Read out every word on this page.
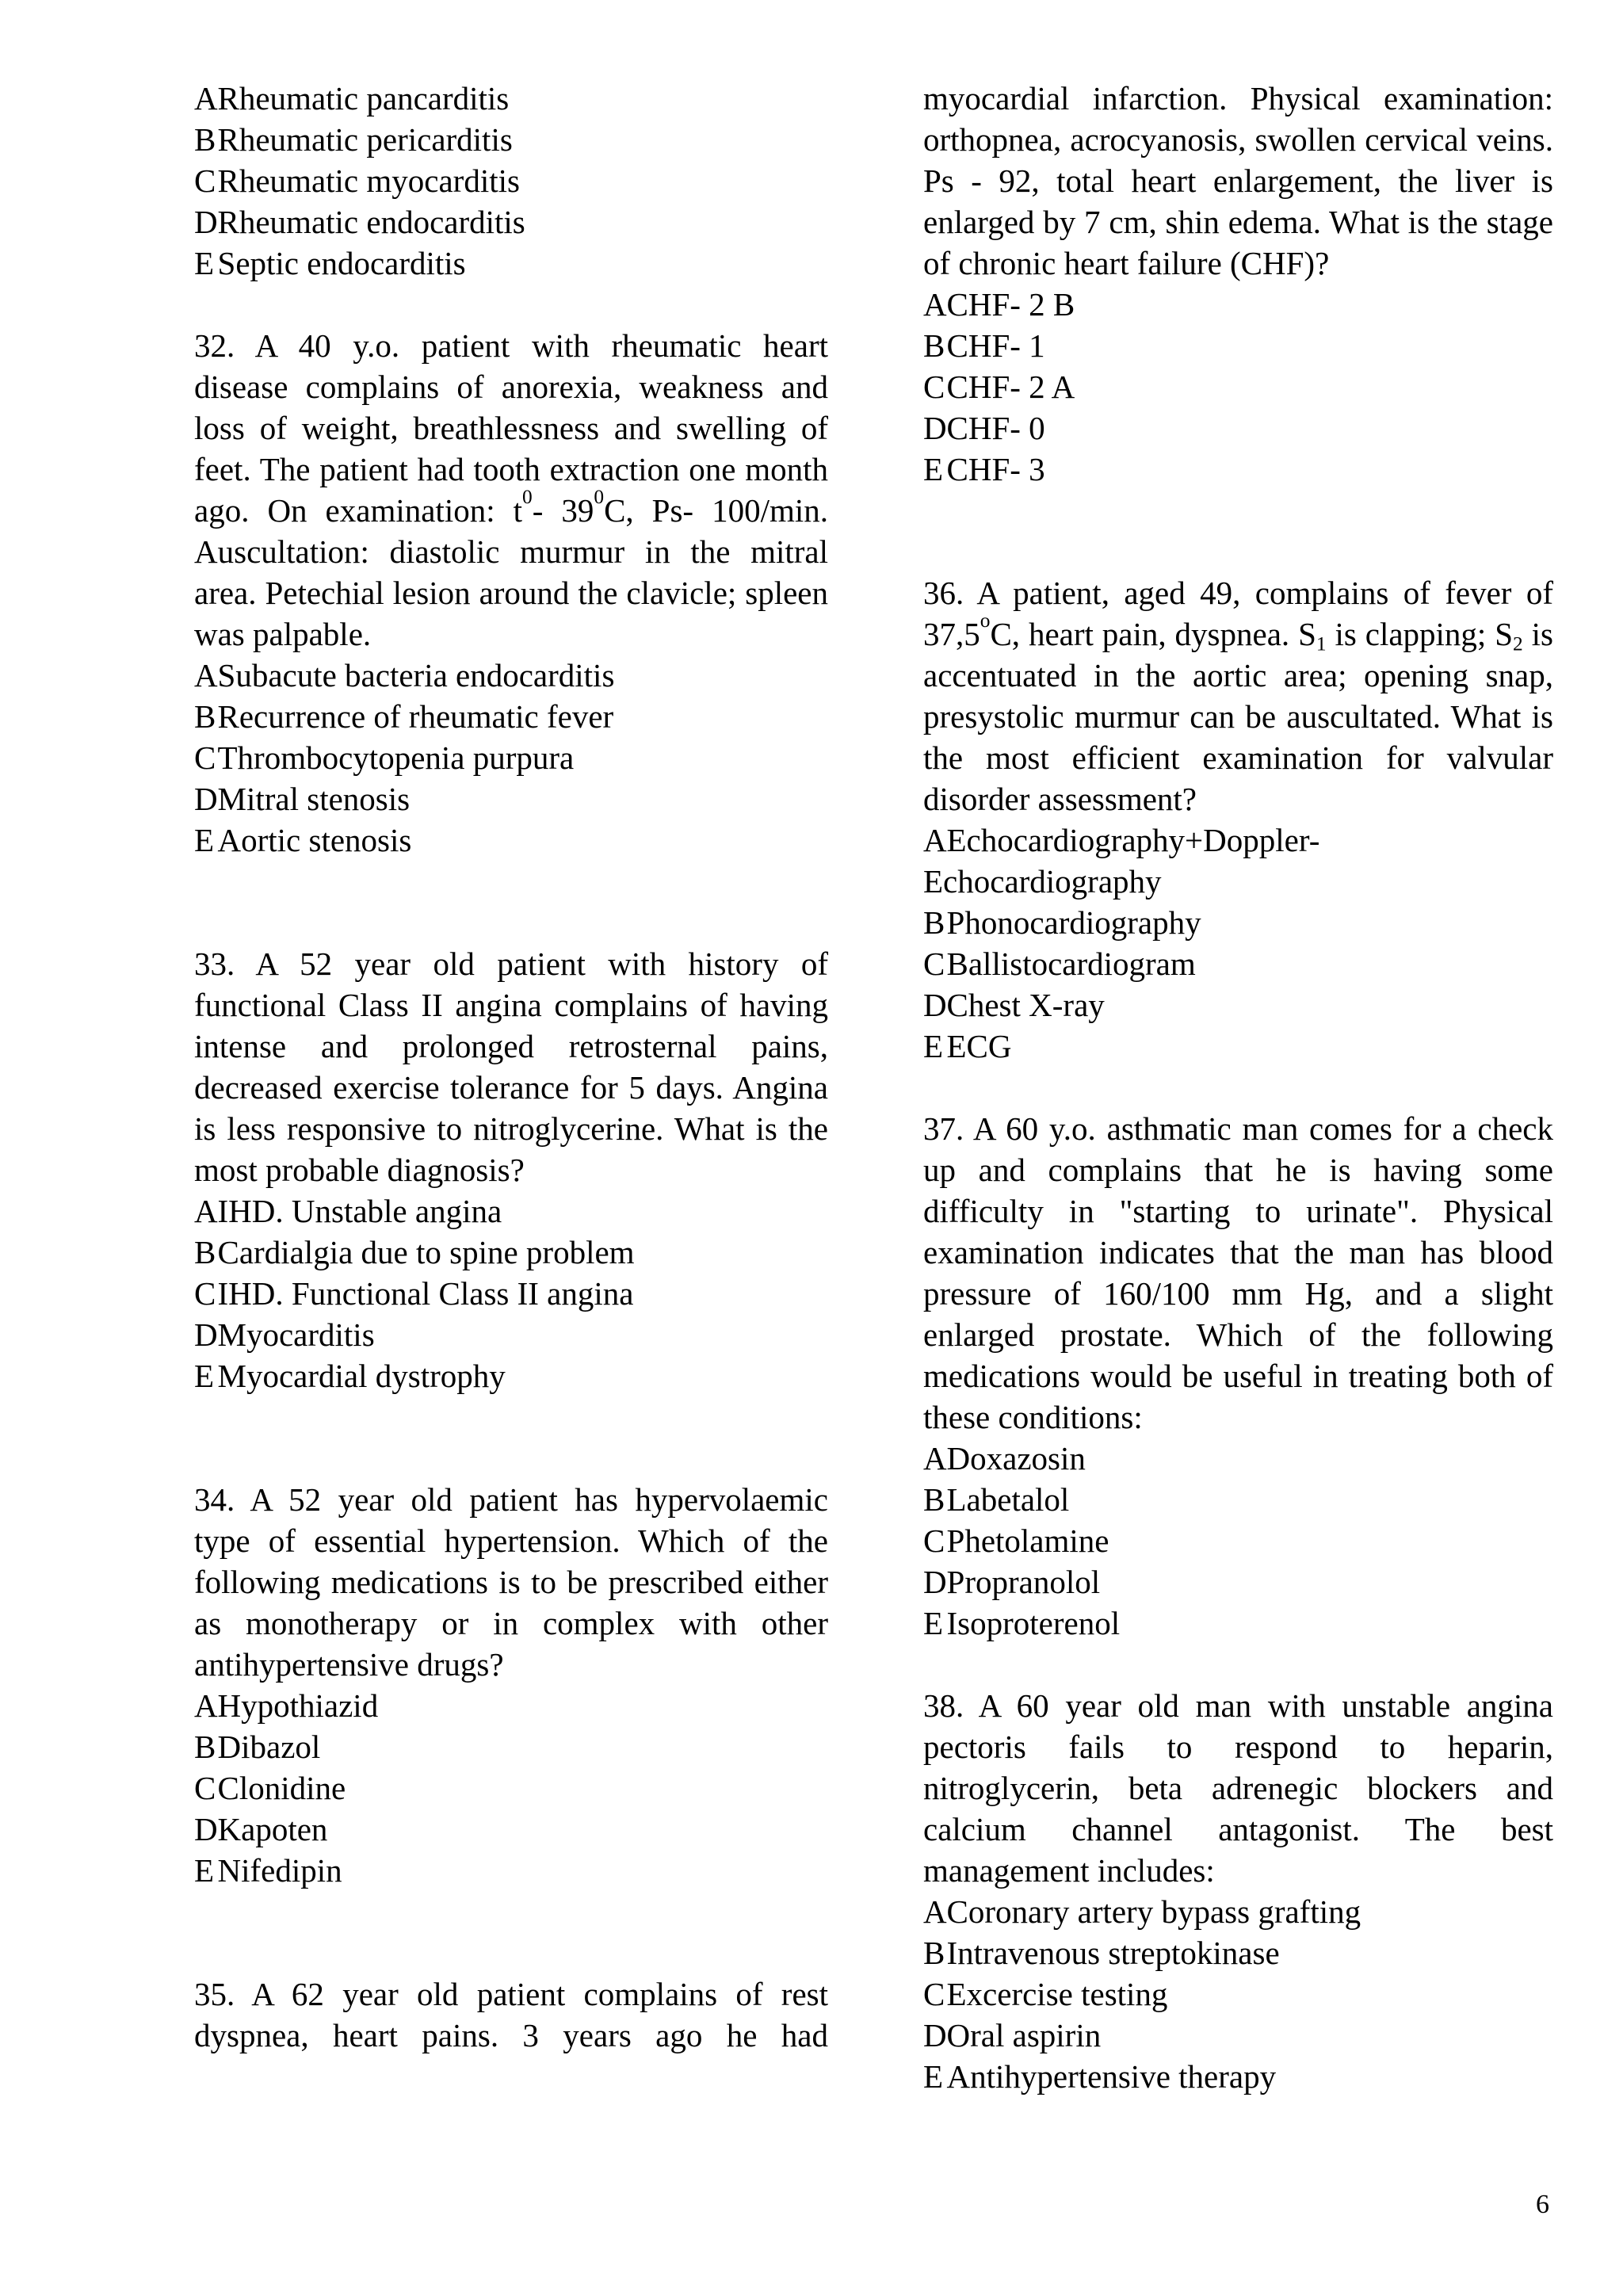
ARheumatic pancarditis
BRheumatic pericarditis
CRheumatic myocarditis
DRheumatic endocarditis
E Septic endocarditis
32. A 40 y.o. patient with rheumatic heart disease complains of anorexia, weakness and loss of weight, breathlessness and swelling of feet. The patient had tooth extraction one month ago. On examination: $t^0-$ $39^0C$, Ps- 100/min. Auscultation: diastolic murmur in the mitral area. Petechial lesion around the clavicle; spleen was palpable.
ASubacute bacteria endocarditis
BRecurrence of rheumatic fever
CThrombocytopenia purpura
DMitral stenosis
E Aortic stenosis
33. A 52 year old patient with history of functional Class II angina complains of having intense and prolonged retrosternal pains, decreased exercise tolerance for 5 days. Angina is less responsive to nitroglycerine. What is the most probable diagnosis?
AIHD. Unstable angina
BCardialgia due to spine problem
CIHD. Functional Class II angina
DMyocarditis
E Myocardial dystrophy
34. A 52 year old patient has hypervolaemic type of essential hypertension. Which of the following medications is to be prescribed either as monotherapy or in complex with other antihypertensive drugs?
AHypothiazid
BDibazol
CClonidine
DKapoten
E Nifedipin
35. A 62 year old patient complains of rest dyspnea, heart pains. 3 years ago he had
myocardial infarction. Physical examination: orthopnea, acrocyanosis, swollen cervical veins. Ps - 92, total heart enlargement, the liver is enlarged by 7 cm, shin edema. What is the stage of chronic heart failure (CHF)?
ACHF- 2 B
BCHF- 1
CCHF- 2 A
DCHF- 0
E CHF- 3
36. A patient, aged 49, complains of fever of 37,5$^o$C, heart pain, dyspnea. $S_1$ is clapping; $S_2$ is accentuated in the aortic area; opening snap, presystolic murmur can be auscultated. What is the most efficient examination for valvular disorder assessment?
AEchocardiography+Doppler-Echocardiography
BPhonocardiography
CBallistocardiogram
DChest X-ray
E ECG
37. A 60 y.o. asthmatic man comes for a check up and complains that he is having some difficulty in "starting to urinate". Physical examination indicates that the man has blood pressure of 160/100 mm Hg, and a slight enlarged prostate. Which of the following medications would be useful in treating both of these conditions:
ADoxazosin
BLabetalol
CPhetolamine
DPropranolol
E Isoproterenol
38. A 60 year old man with unstable angina pectoris fails to respond to heparin, nitroglycerin, beta adrenegic blockers and calcium channel antagonist. The best management includes:
ACoronary artery bypass grafting
BIntravenous streptokinase
CExcercise testing
DOral aspirin
E Antihypertensive therapy
6
